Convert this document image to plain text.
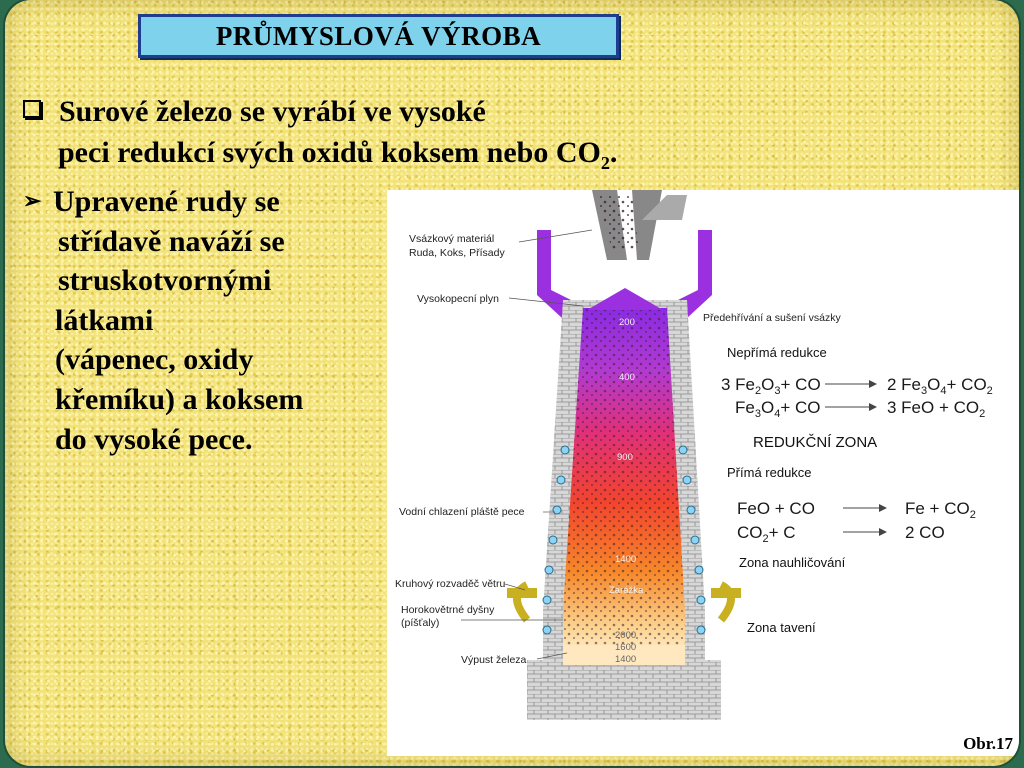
PRŮMYSLOVÁ VÝROBA
Surové železo se vyrábí ve vysoké
peci redukcí svých oxidů koksem nebo $CO_2$.
➢ Upravené rudy se
střídavě naváží se
struskotvornými
látkami
(vápenec, oxidy
křemíku) a koksem
do vysoké pece.
200
400
900
1400
Zarážka
2000
1600
1400
Vsázkový materiál
Ruda, Koks, Přísady
Vysokopecní plyn
Vodní chlazení pláště pece
Kruhový rozvaděč větru
Horokovětrné dyšny
(píšťaly)
Výpust železa
Předehřívání a sušení vsázky
Nepřímá redukce
3 $Fe_2O_3+$ CO	2 $Fe_3O_4+ CO_2$
$Fe_3O_4+$ CO	3 FeO + $CO_2$
REDUKČNÍ ZONA
Přímá redukce
FeO + CO	$Fe + CO_2$
$CO_2+ C$	2 CO
Zona nauhličování
Zona tavení
Obr.17
